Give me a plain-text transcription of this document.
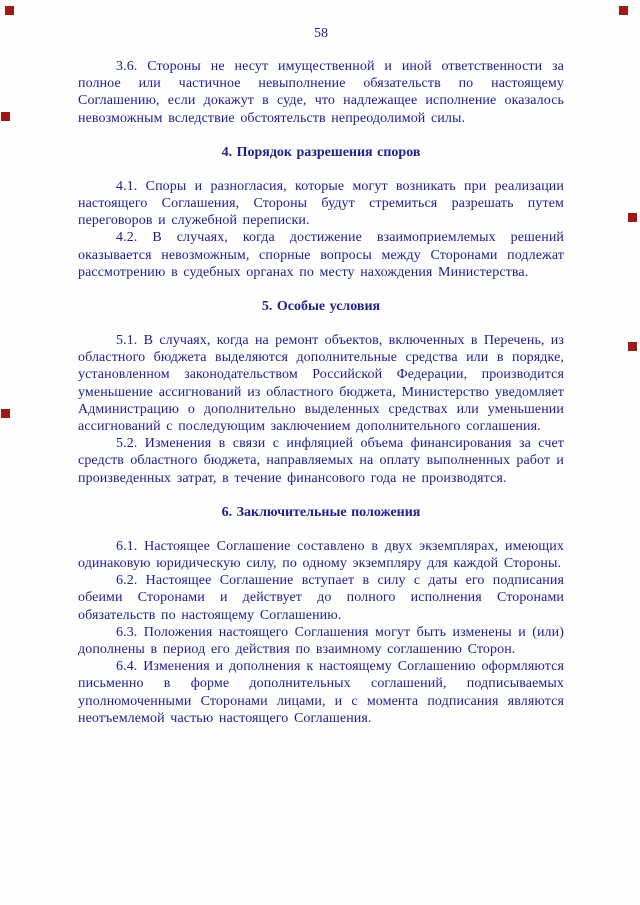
58

3.6. Стороны не несут имущественной и иной ответственности за полное или частичное невыполнение обязательств по настоящему Соглашению, если докажут в суде, что надлежащее исполнение оказалось невозможным вследствие обстоятельств непреодолимой силы.

4. Порядок разрешения споров

4.1. Споры и разногласия, которые могут возникать при реализации настоящего Соглашения, Стороны будут стремиться разрешать путем переговоров и служебной переписки.

4.2. В случаях, когда достижение взаимоприемлемых решений оказывается невозможным, спорные вопросы между Сторонами подлежат рассмотрению в судебных органах по месту нахождения Министерства.

5. Особые условия

5.1. В случаях, когда на ремонт объектов, включенных в Перечень, из областного бюджета выделяются дополнительные средства или в порядке, установленном законодательством Российской Федерации, производится уменьшение ассигнований из областного бюджета, Министерство уведомляет Администрацию о дополнительно выделенных средствах или уменьшении ассигнований с последующим заключением дополнительного соглашения.

5.2. Изменения в связи с инфляцией объема финансирования за счет средств областного бюджета, направляемых на оплату выполненных работ и произведенных затрат, в течение финансового года не производятся.

6. Заключительные положения

6.1. Настоящее Соглашение составлено в двух экземплярах, имеющих одинаковую юридическую силу, по одному экземпляру для каждой Стороны.

6.2. Настоящее Соглашение вступает в силу с даты его подписания обеими Сторонами и действует до полного исполнения Сторонами обязательств по настоящему Соглашению.

6.3. Положения настоящего Соглашения могут быть изменены и (или) дополнены в период его действия по взаимному соглашению Сторон.

6.4. Изменения и дополнения к настоящему Соглашению оформляются письменно в форме дополнительных соглашений, подписываемых уполномоченными Сторонами лицами, и с момента подписания являются неотъемлемой частью настоящего Соглашения.
